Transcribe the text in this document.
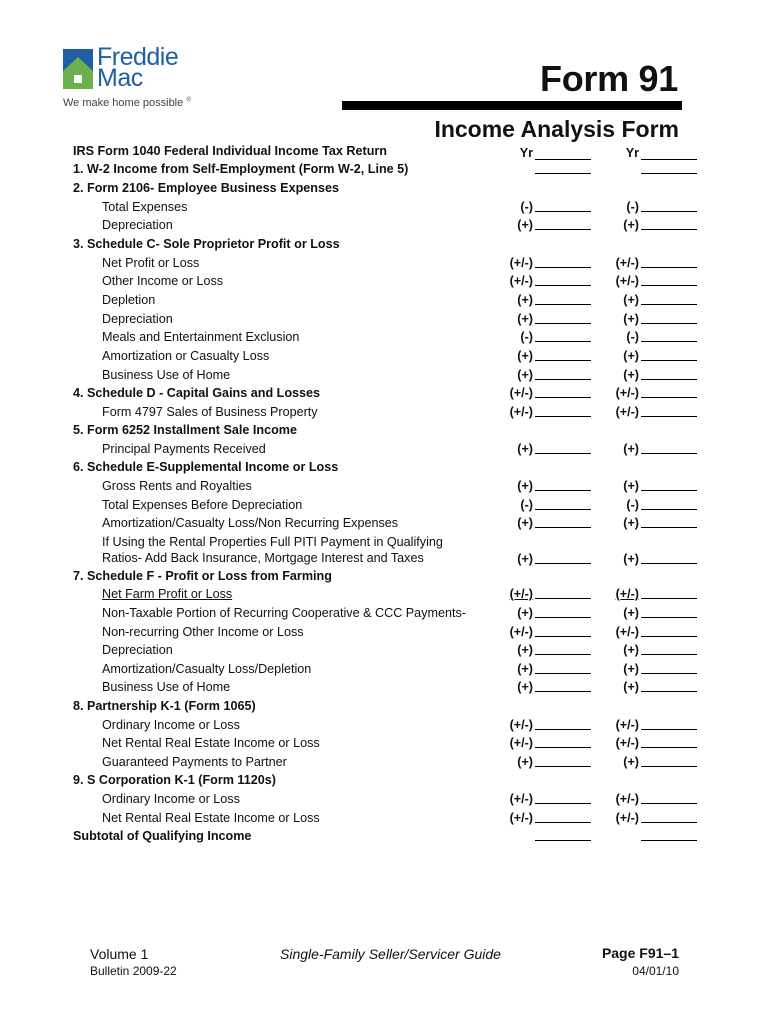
Freddie
Mac
We make home possible ®
Form 91
Income Analysis Form
IRS Form 1040 Federal Individual Income Tax Return	Yr	Yr
1. W-2 Income from Self-Employment (Form W-2, Line 5)
2. Form 2106- Employee Business Expenses
Total Expenses	(-)	(-)
Depreciation	(+)	(+)
3. Schedule C- Sole Proprietor Profit or Loss
Net Profit or Loss	(+/-)	(+/-)
Other Income or Loss	(+/-)	(+/-)
Depletion	(+)	(+)
Depreciation	(+)	(+)
Meals and Entertainment Exclusion	(-)	(-)
Amortization or Casualty Loss	(+)	(+)
Business Use of Home	(+)	(+)
4. Schedule D - Capital Gains and Losses	(+/-)	(+/-)
Form 4797 Sales of Business Property	(+/-)	(+/-)
5. Form 6252 Installment Sale Income
Principal Payments Received	(+)	(+)
6. Schedule E-Supplemental Income or Loss
Gross Rents and Royalties	(+)	(+)
Total Expenses Before Depreciation	(-)	(-)
Amortization/Casualty Loss/Non Recurring Expenses	(+)	(+)
If Using the Rental Properties Full PITI Payment in Qualifying
Ratios- Add Back Insurance, Mortgage Interest and Taxes	(+)	(+)
7. Schedule F - Profit or Loss from Farming
Net Farm Profit or Loss	(+/-)	(+/-)
Non-Taxable Portion of Recurring Cooperative & CCC Payments-	(+)	(+)
Non-recurring Other Income or Loss	(+/-)	(+/-)
Depreciation	(+)	(+)
Amortization/Casualty Loss/Depletion	(+)	(+)
Business Use of Home	(+)	(+)
8. Partnership K-1 (Form 1065)
Ordinary Income or Loss	(+/-)	(+/-)
Net Rental Real Estate Income or Loss	(+/-)	(+/-)
Guaranteed Payments to Partner	(+)	(+)
9. S Corporation K-1 (Form 1120s)
Ordinary Income or Loss	(+/-)	(+/-)
Net Rental Real Estate Income or Loss	(+/-)	(+/-)
Subtotal of Qualifying Income
Volume 1
Bulletin 2009-22
Single-Family Seller/Servicer Guide	Page F91–1
04/01/10
